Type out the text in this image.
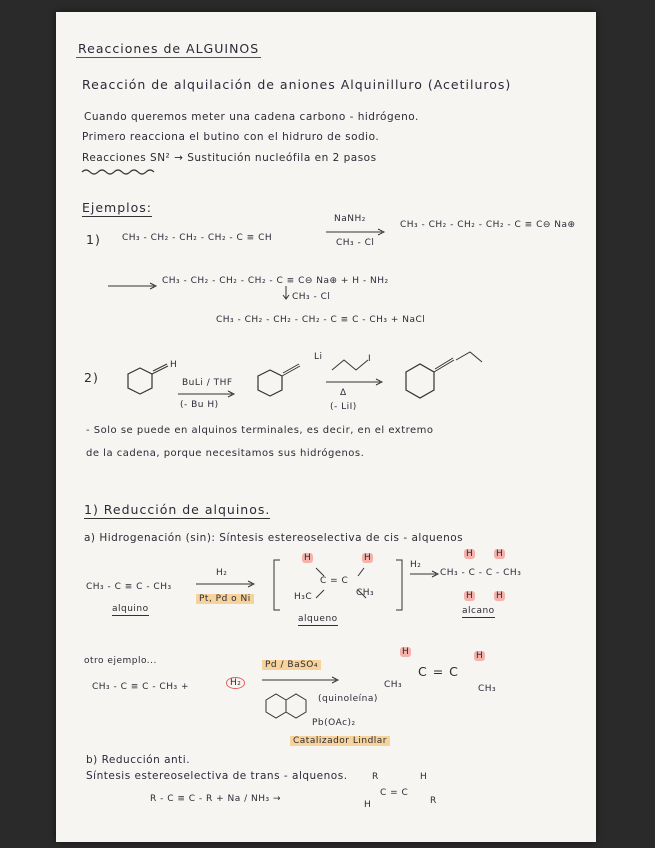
Reacciones de ALGUINOS
Reacción de alquilación de aniones Alquinilluro (Acetiluros)
Cuando queremos meter una cadena carbono - hidrógeno.
Primero reacciona el butino con el hidruro de sodio.
Reacciones SN² → Sustitución nucleófila en 2 pasos
Ejemplos:
1) CH₃ - CH₂ - CH₂ - CH₂ - C ≡ CH
NaNH₂
CH₃ - Cl
CH₃ - CH₂ - CH₂ - CH₂ - C ≡ C⊖ Na⊕
→ CH₃ - CH₂ - CH₂ - CH₂ - C ≡ C⊖ Na⊕ + H - NH₂
CH₃ - Cl
CH₃ - CH₂ - CH₂ - CH₂ - C ≡ C - CH₃ + NaCl
2)
H
BuLi / THF
(- Bu H)
Li	I
Δ
(- LiI)
- Solo se puede en alquinos terminales, es decir, en el extremo
de la cadena, porque necesitamos sus hidrógenos.
1) Reducción de alquinos.
a) Hidrogenación (sin): Síntesis estereoselectiva de cis - alquenos
CH₃ - C ≡ C - CH₃
alquino
H₂
Pt, Pd o Ni
H	H
C = C
H₃C	CH₃
alqueno
H₂
H	H
CH₃ - C - C - CH₃
H	H
alcano
otro ejemplo...
CH₃ - C ≡ C - CH₃ +	H₂
Pd / BaSO₄
(quinoleína)
Pb(OAc)₂
Catalizador Lindlar
H	H
C = C
CH₃	CH₃
b) Reducción anti.
Síntesis estereoselectiva de trans - alquenos.
R - C ≡ C - R + Na / NH₃ →
R	H
C = C
H	R
